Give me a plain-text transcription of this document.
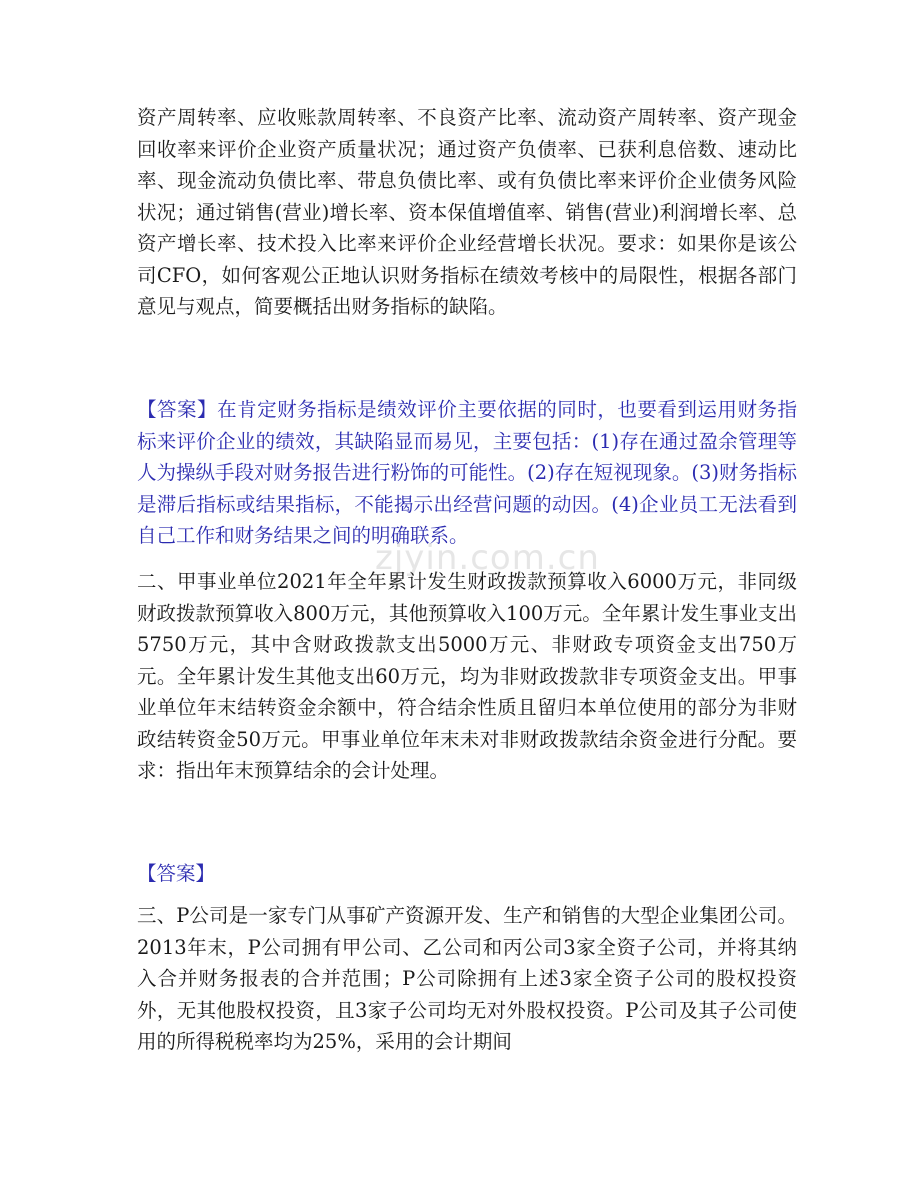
zjyin.com.cn
资产周转率、应收账款周转率、不良资产比率、流动资产周转率、资产现金回收率来评价企业资产质量状况；通过资产负债率、已获利息倍数、速动比率、现金流动负债比率、带息负债比率、或有负债比率来评价企业债务风险状况；通过销售(营业)增长率、资本保值增值率、销售(营业)利润增长率、总资产增长率、技术投入比率来评价企业经营增长状况。要求：如果你是该公司CFO，如何客观公正地认识财务指标在绩效考核中的局限性，根据各部门意见与观点，简要概括出财务指标的缺陷。
【答案】在肯定财务指标是绩效评价主要依据的同时，也要看到运用财务指标来评价企业的绩效，其缺陷显而易见，主要包括：(1)存在通过盈余管理等人为操纵手段对财务报告进行粉饰的可能性。(2)存在短视现象。(3)财务指标是滞后指标或结果指标，不能揭示出经营问题的动因。(4)企业员工无法看到自己工作和财务结果之间的明确联系。
二、甲事业单位2021年全年累计发生财政拨款预算收入6000万元，非同级财政拨款预算收入800万元，其他预算收入100万元。全年累计发生事业支出5750万元，其中含财政拨款支出5000万元、非财政专项资金支出750万元。全年累计发生其他支出60万元，均为非财政拨款非专项资金支出。甲事业单位年末结转资金余额中，符合结余性质且留归本单位使用的部分为非财政结转资金50万元。甲事业单位年末未对非财政拨款结余资金进行分配。要求：指出年末预算结余的会计处理。
【答案】
三、P公司是一家专门从事矿产资源开发、生产和销售的大型企业集团公司。2013年末，P公司拥有甲公司、乙公司和丙公司3家全资子公司，并将其纳入合并财务报表的合并范围；P公司除拥有上述3家全资子公司的股权投资外，无其他股权投资，且3家子公司均无对外股权投资。P公司及其子公司使用的所得税税率均为25%，采用的会计期间
